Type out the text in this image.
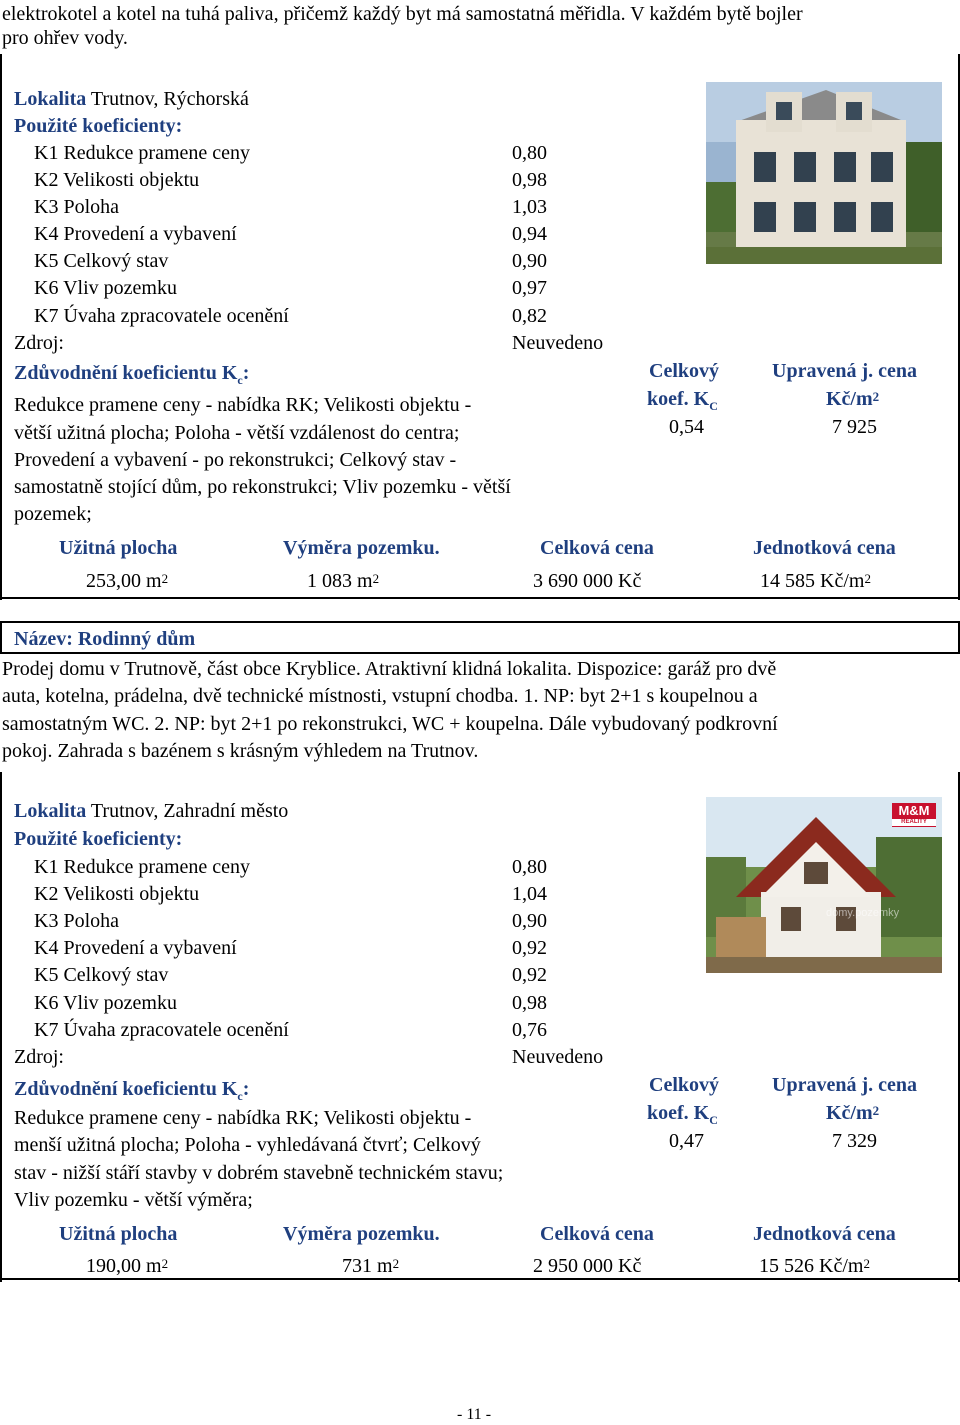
elektrokotel a kotel na tuhá paliva, přičemž každý byt má samostatná měřidla. V každém bytě bojler
pro ohřev vody.
Lokalita Trutnov, Rýchorská
Použité koeficienty:
K1 Redukce pramene ceny	0,80
K2 Velikosti objektu	0,98
K3 Poloha	1,03
K4 Provedení a vybavení	0,94
K5 Celkový stav	0,90
K6 Vliv pozemku	0,97
K7 Úvaha zpracovatele ocenění	0,82
Zdroj:	Neuvedeno
Zdůvodnění koeficientu $K_c$:
Redukce pramene ceny - nabídka RK; Velikosti objektu -
větší užitná plocha; Poloha - větší vzdálenost do centra;
Provedení a vybavení - po rekonstrukci; Celkový stav -
samostatně stojící dům, po rekonstrukci; Vliv pozemku - větší
pozemek;
Celkový
koef. $K_C$
0,54
Upravená j. cena
$Kč/m^2$
7 925
Užitná plocha	Výměra pozemku.	Celková cena	Jednotková cena
253,00 $m^2$	1 083 $m^2$	3 690 000 Kč	14 585 $Kč/m^2$
Název: Rodinný dům
Prodej domu v Trutnově, část obce Kryblice. Atraktivní klidná lokalita. Dispozice: garáž pro dvě
auta, kotelna, prádelna, dvě technické místnosti, vstupní chodba. 1. NP: byt 2+1 s koupelnou a
samostatným WC. 2. NP: byt 2+1 po rekonstrukci, WC + koupelna. Dále vybudovaný podkrovní
pokoj. Zahrada s bazénem s krásným výhledem na Trutnov.
Lokalita Trutnov, Zahradní město
Použité koeficienty:
K1 Redukce pramene ceny	0,80
K2 Velikosti objektu	1,04
K3 Poloha	0,90
K4 Provedení a vybavení	0,92
K5 Celkový stav	0,92
K6 Vliv pozemku	0,98
K7 Úvaha zpracovatele ocenění	0,76
Zdroj:	Neuvedeno
Zdůvodnění koeficientu $K_c$:
Redukce pramene ceny - nabídka RK; Velikosti objektu -
menší užitná plocha; Poloha - vyhledávaná čtvrť; Celkový
stav - nižší stáří stavby v dobrém stavebně technickém stavu;
Vliv pozemku - větší výměra;
Celkový
koef. $K_C$
0,47
Upravená j. cena
$Kč/m^2$
7 329
M&M
REALITY
domy.pozemky
Užitná plocha	Výměra pozemku.	Celková cena	Jednotková cena
190,00 $m^2$	731 $m^2$	2 950 000 Kč	15 526 $Kč/m^2$
- 11 -
